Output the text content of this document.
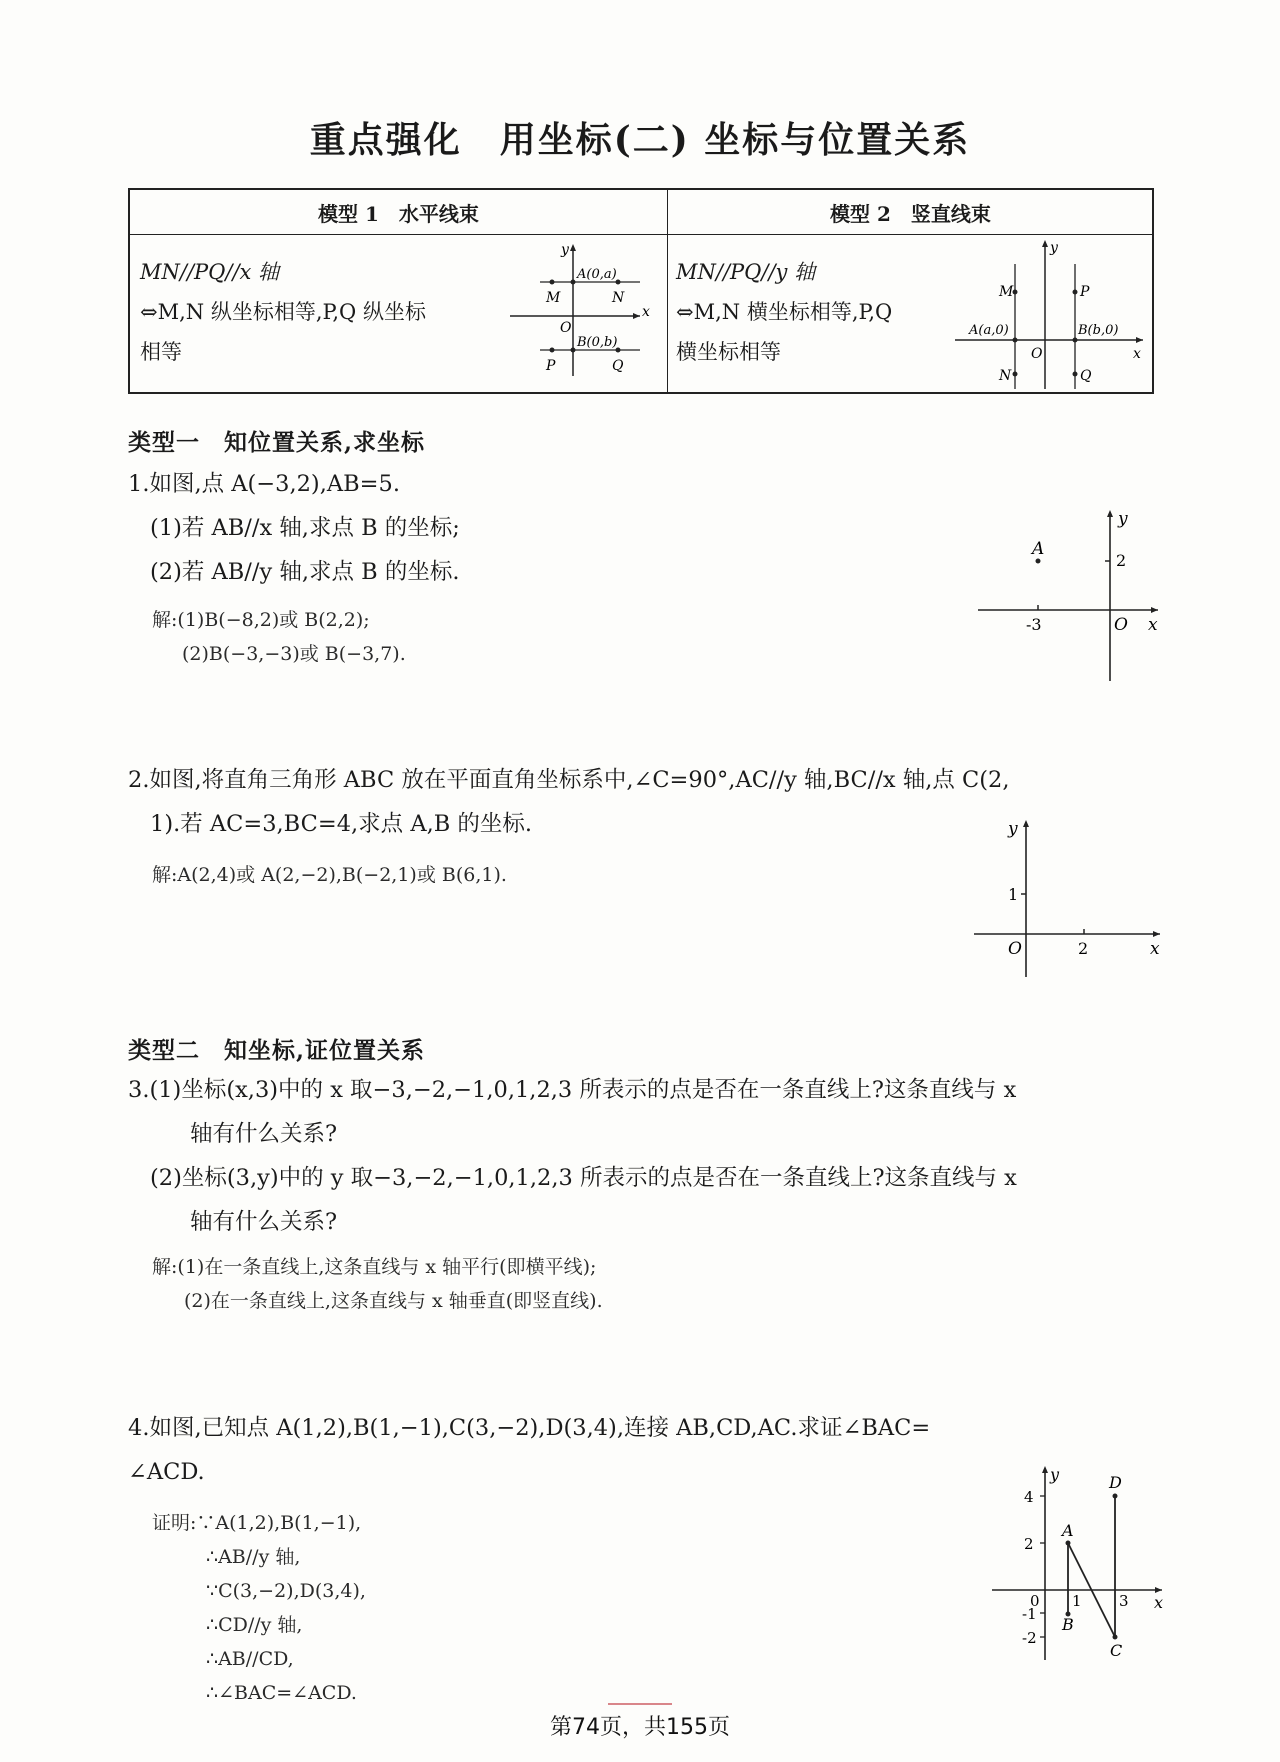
重点强化　用坐标(二) 坐标与位置关系
模型 1　水平线束	模型 2　竖直线束
MN//PQ//x 轴
⇔M,N 纵坐标相等,P,Q 纵坐标
相等
y
x
O
A(0,a)
B(0,b)
M	N
P	Q
MN//PQ//y 轴
⇔M,N 横坐标相等,P,Q
横坐标相等
y
x
O
A(a,0)	B(b,0)
M
N
P
Q
类型一　知位置关系,求坐标
1.如图,点 A(−3,2),AB=5.
(1)若 AB//x 轴,求点 B 的坐标;
(2)若 AB//y 轴,求点 B 的坐标.
解:(1)B(−8,2)或 B(2,2);
(2)B(−3,−3)或 B(−3,7).
y
x
O
A
2
-3
2.如图,将直角三角形 ABC 放在平面直角坐标系中,∠C=90°,AC//y 轴,BC//x 轴,点 C(2,
1).若 AC=3,BC=4,求点 A,B 的坐标.
解:A(2,4)或 A(2,−2),B(−2,1)或 B(6,1).
y
x
O
1
2
类型二　知坐标,证位置关系
3.(1)坐标(x,3)中的 x 取−3,−2,−1,0,1,2,3 所表示的点是否在一条直线上?这条直线与 x
轴有什么关系?
(2)坐标(3,y)中的 y 取−3,−2,−1,0,1,2,3 所表示的点是否在一条直线上?这条直线与 x
轴有什么关系?
解:(1)在一条直线上,这条直线与 x 轴平行(即横平线);
(2)在一条直线上,这条直线与 x 轴垂直(即竖直线).
4.如图,已知点 A(1,2),B(1,−1),C(3,−2),D(3,4),连接 AB,CD,AC.求证∠BAC=
∠ACD.
证明:∵A(1,2),B(1,−1),
∴AB//y 轴,
∵C(3,−2),D(3,4),
∴CD//y 轴,
∴AB//CD,
∴∠BAC=∠ACD.
y
x
0
4
2
-1
-2
1 3
A
B
C
D
第74页，共155页
